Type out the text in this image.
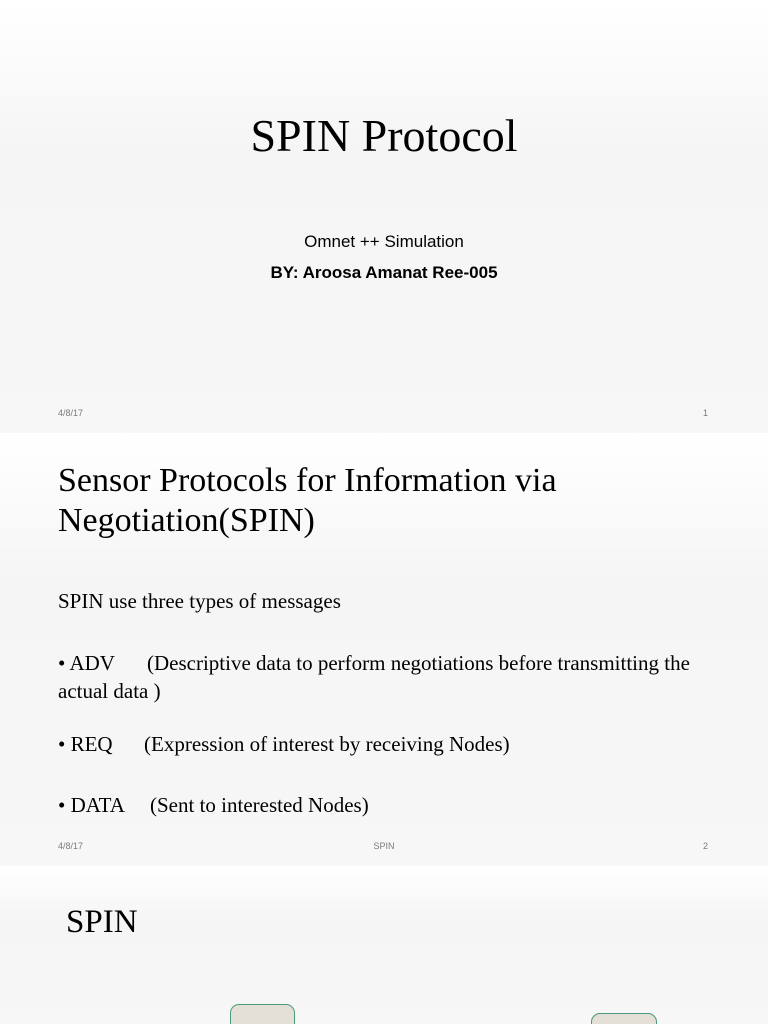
SPIN Protocol
Omnet ++ Simulation
BY: Aroosa Amanat Ree-005
4/8/17	1
Sensor Protocols for Information via Negotiation(SPIN)
SPIN use three types of messages
• ADV (Descriptive data to perform negotiations before transmitting the actual data )
• REQ (Expression of interest by receiving Nodes)
• DATA (Sent to interested Nodes)
4/8/17	SPIN	2
SPIN
